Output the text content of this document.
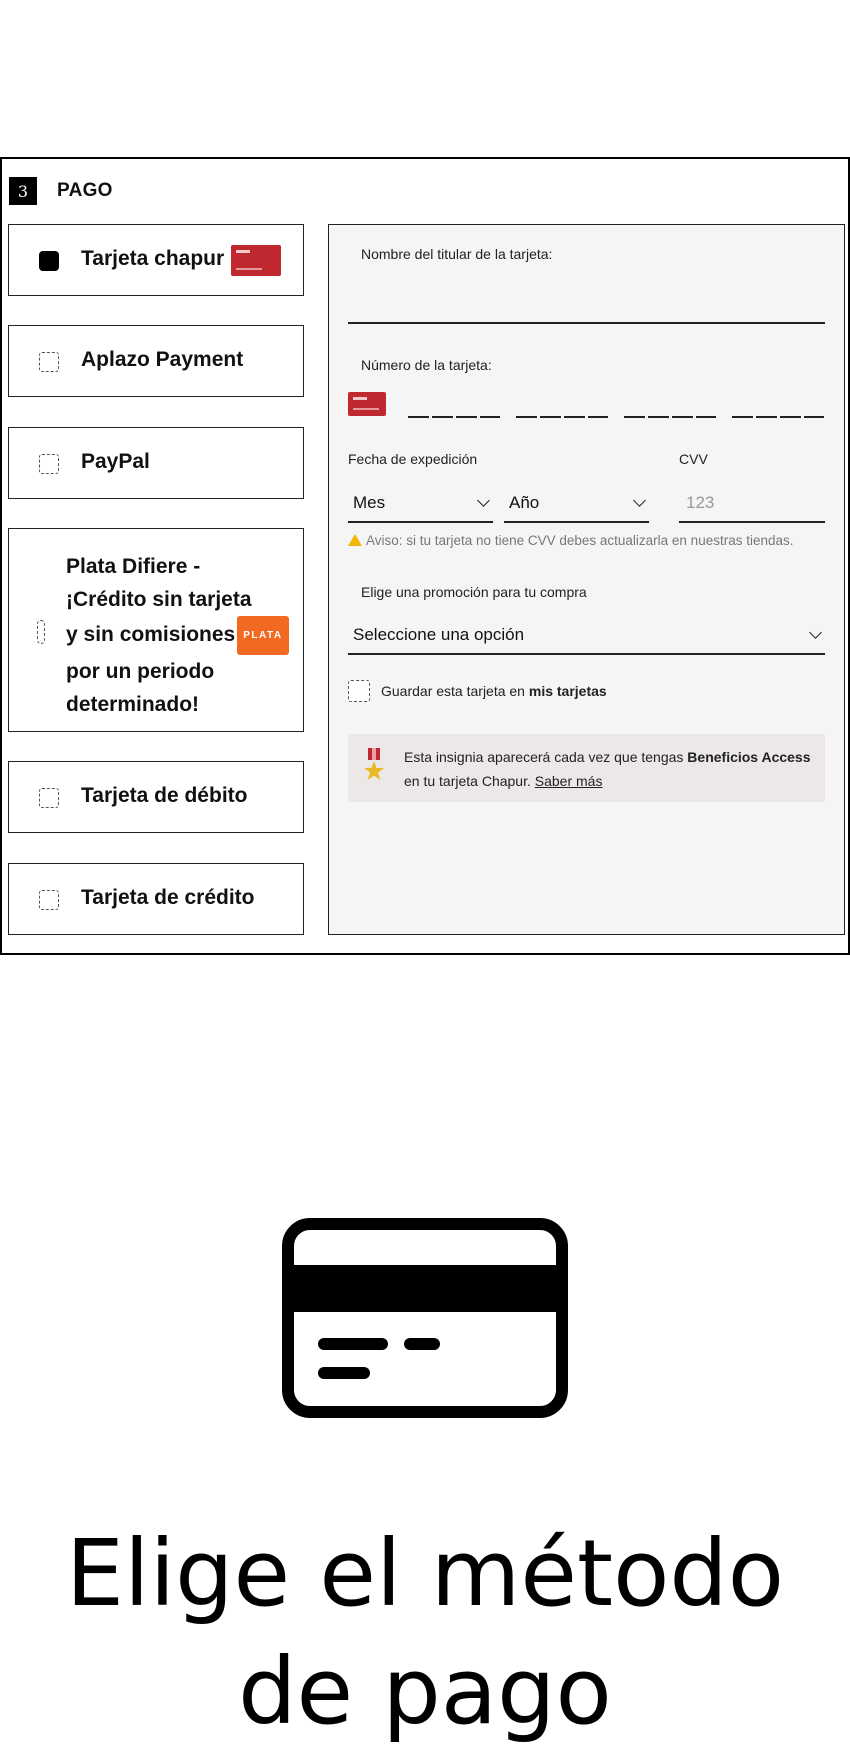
3	PAGO
Tarjeta chapur
Aplazo Payment
PayPal
Plata Difiere -
¡Crédito sin tarjeta
y sin comisiones PLATA
por un periodo
determinado!
Tarjeta de débito
Tarjeta de crédito
Nombre del titular de la tarjeta:
Número de la tarjeta:
Fecha de expedición	CVV
Mes	Año	123
Aviso: si tu tarjeta no tiene CVV debes actualizarla en nuestras tiendas.
Elige una promoción para tu compra
Seleccione una opción
Guardar esta tarjeta en mis tarjetas
Esta insignia aparecerá cada vez que tengas Beneficios Access
en tu tarjeta Chapur. Saber más
Elige el método
de pago
